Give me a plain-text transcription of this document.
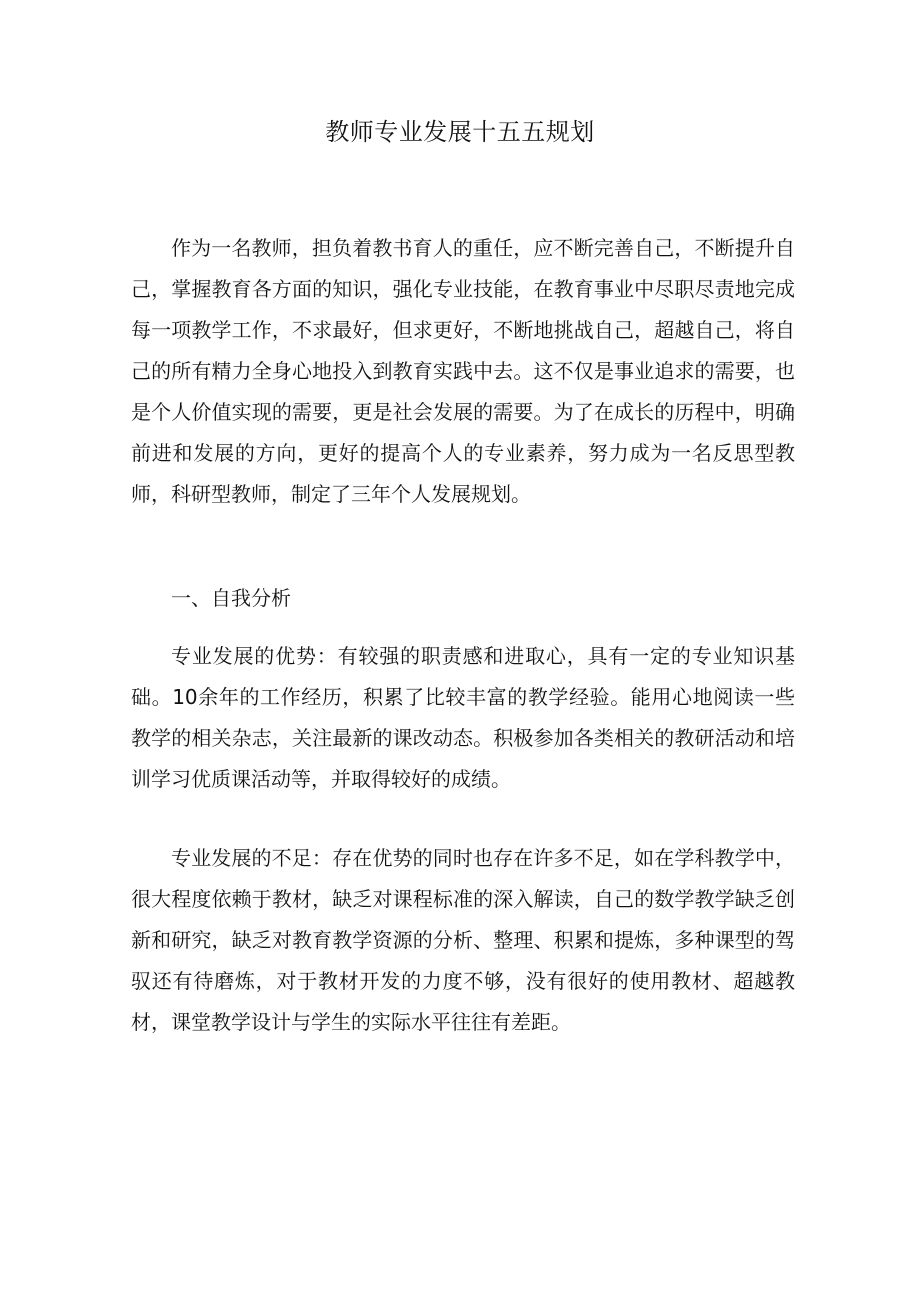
教师专业发展十五五规划

作为一名教师，担负着教书育人的重任，应不断完善自己，不断提升自己，掌握教育各方面的知识，强化专业技能，在教育事业中尽职尽责地完成每一项教学工作，不求最好，但求更好，不断地挑战自己，超越自己，将自己的所有精力全身心地投入到教育实践中去。这不仅是事业追求的需要，也是个人价值实现的需要，更是社会发展的需要。为了在成长的历程中，明确前进和发展的方向，更好的提高个人的专业素养，努力成为一名反思型教师，科研型教师，制定了三年个人发展规划。

一、自我分析

专业发展的优势：有较强的职责感和进取心，具有一定的专业知识基础。10余年的工作经历，积累了比较丰富的教学经验。能用心地阅读一些教学的相关杂志，关注最新的课改动态。积极参加各类相关的教研活动和培训学习优质课活动等，并取得较好的成绩。

专业发展的不足：存在优势的同时也存在许多不足，如在学科教学中，很大程度依赖于教材，缺乏对课程标准的深入解读，自己的数学教学缺乏创新和研究，缺乏对教育教学资源的分析、整理、积累和提炼，多种课型的驾驭还有待磨炼，对于教材开发的力度不够，没有很好的使用教材、超越教材，课堂教学设计与学生的实际水平往往有差距。
